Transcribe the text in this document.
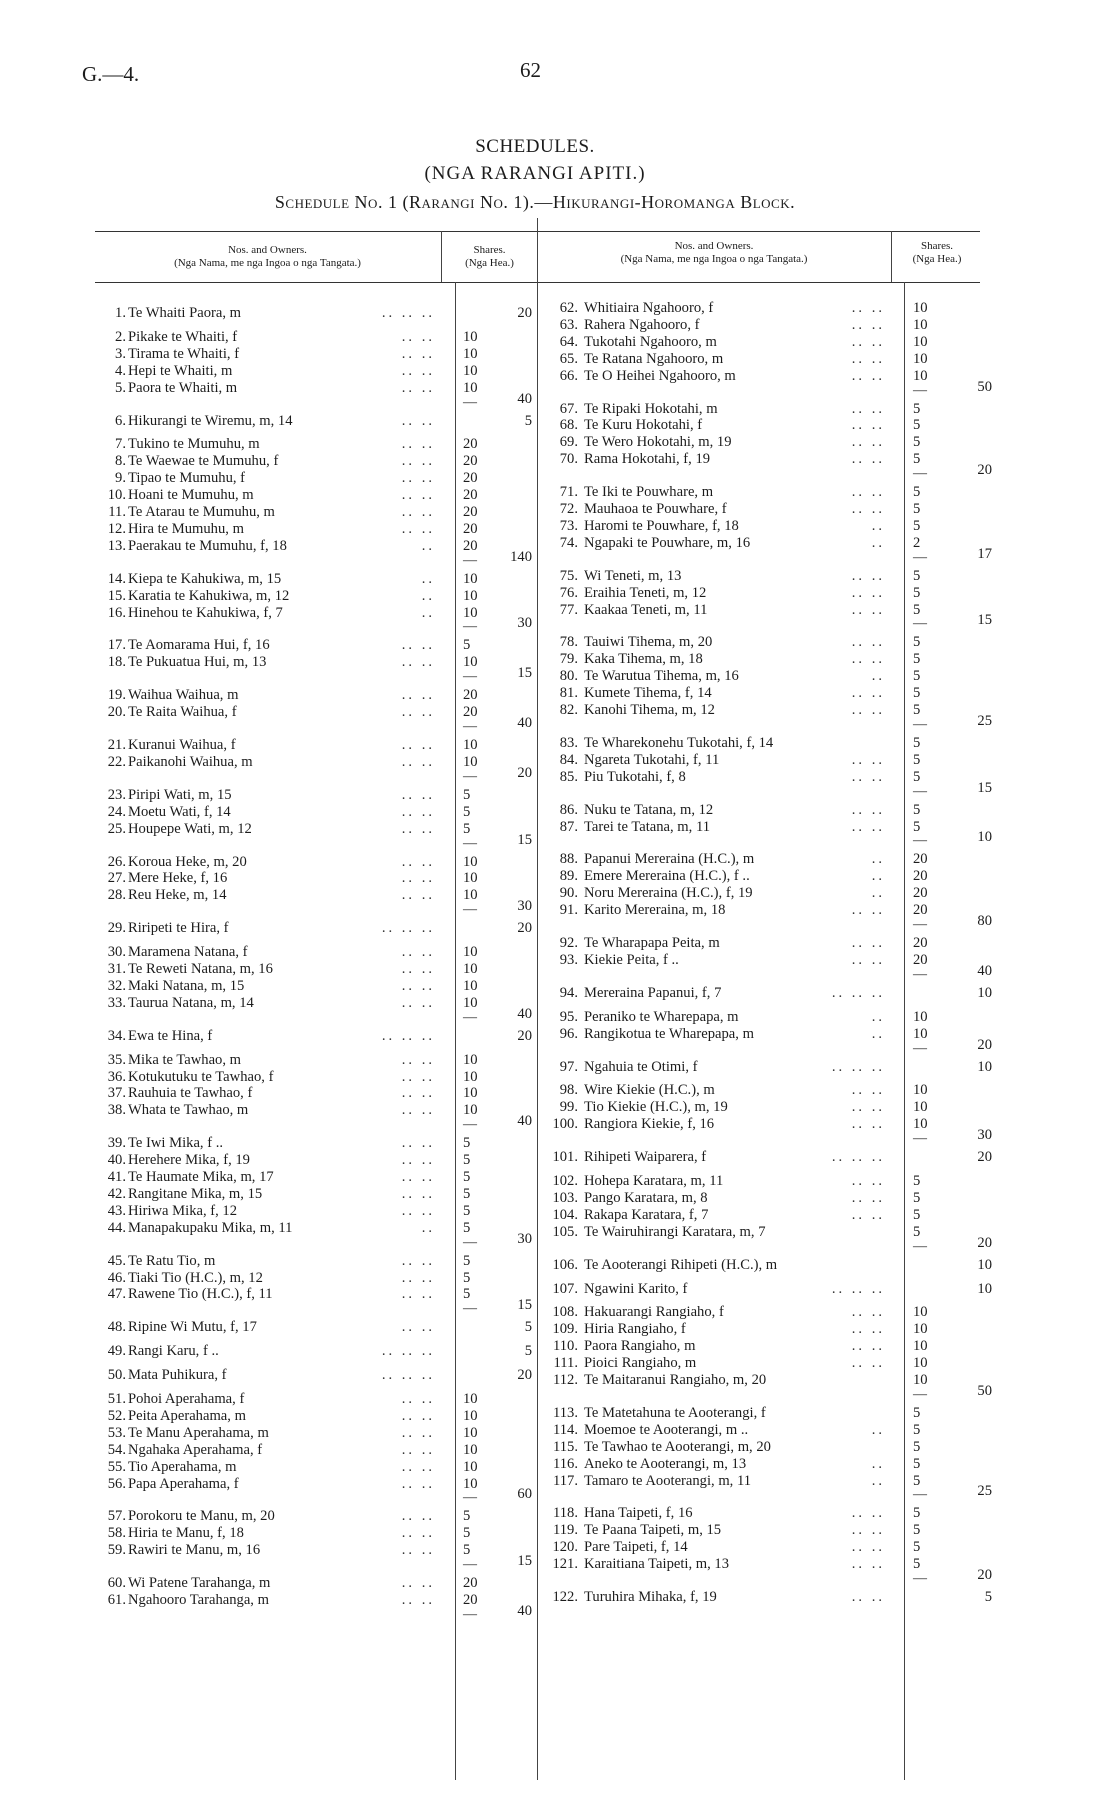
G.—4.	62
SCHEDULES.
(NGA RARANGI APITI.)
Schedule No. 1 (Rarangi No. 1).—Hikurangi-Horomanga Block.
Nos. and Owners.
(Nga Nama, me nga Ingoa o nga Tangata.)
Shares.
(Nga Hea.)
Nos. and Owners.
(Nga Nama, me nga Ingoa o nga Tangata.)
Shares.
(Nga Hea.)
1. Te Whaiti Paora, m	.. .. ..	20
2. Pikake te Whaiti, f	.. .. 10
3. Tirama te Whaiti, f	.. .. 10
4. Hepi te Whaiti, m	.. .. 10
5. Paora te Whaiti, m	.. .. 10
—	40
6. Hikurangi te Wiremu, m, 14	.. ..	5
7. Tukino te Mumuhu, m	.. .. 20
8. Te Waewae te Mumuhu, f	.. .. 20
9. Tipao te Mumuhu, f	.. .. 20
10. Hoani te Mumuhu, m	.. .. 20
11. Te Atarau te Mumuhu, m	.. .. 20
12. Hira te Mumuhu, m	.. .. 20
13. Paerakau te Mumuhu, f, 18	.. 20
—	140
14. Kiepa te Kahukiwa, m, 15	.. 10
15. Karatia te Kahukiwa, m, 12	.. 10
16. Hinehou te Kahukiwa, f, 7	.. 10
—	30
17. Te Aomarama Hui, f, 16	.. .. 5
18. Te Pukuatua Hui, m, 13	.. .. 10
—	15
19. Waihua Waihua, m	.. .. 20
20. Te Raita Waihua, f	.. .. 20
—	40
21. Kuranui Waihua, f	.. .. 10
22. Paikanohi Waihua, m	.. .. 10
—	20
23. Piripi Wati, m, 15	.. .. 5
24. Moetu Wati, f, 14	.. .. 5
25. Houpepe Wati, m, 12	.. .. 5
—	15
26. Koroua Heke, m, 20	.. .. 10
27. Mere Heke, f, 16	.. .. 10
28. Reu Heke, m, 14	.. .. 10
—	30
29. Riripeti te Hira, f	.. .. ..	20
30. Maramena Natana, f	.. .. 10
31. Te Reweti Natana, m, 16	.. .. 10
32. Maki Natana, m, 15	.. .. 10
33. Taurua Natana, m, 14	.. .. 10
—	40
34. Ewa te Hina, f	.. .. ..	20
35. Mika te Tawhao, m	.. .. 10
36. Kotukutuku te Tawhao, f	.. .. 10
37. Rauhuia te Tawhao, f	.. .. 10
38. Whata te Tawhao, m	.. .. 10
—	40
39. Te Iwi Mika, f ..	.. .. 5
40. Herehere Mika, f, 19	.. .. 5
41. Te Haumate Mika, m, 17	.. .. 5
42. Rangitane Mika, m, 15	.. .. 5
43. Hiriwa Mika, f, 12	.. .. 5
44. Manapakupaku Mika, m, 11	.. 5
—	30
45. Te Ratu Tio, m	.. .. 5
46. Tiaki Tio (H.C.), m, 12	.. .. 5
47. Rawene Tio (H.C.), f, 11	.. .. 5
—	15
48. Ripine Wi Mutu, f, 17	.. ..	5
49. Rangi Karu, f ..	.. .. ..	5
50. Mata Puhikura, f	.. .. ..	20
51. Pohoi Aperahama, f	.. .. 10
52. Peita Aperahama, m	.. .. 10
53. Te Manu Aperahama, m	.. .. 10
54. Ngahaka Aperahama, f	.. .. 10
55. Tio Aperahama, m	.. .. 10
56. Papa Aperahama, f	.. .. 10
—	60
57. Porokoru te Manu, m, 20	.. .. 5
58. Hiria te Manu, f, 18	.. .. 5
59. Rawiri te Manu, m, 16	.. .. 5
—	15
60. Wi Patene Tarahanga, m	.. .. 20
61. Ngahooro Tarahanga, m	.. .. 20
—	40
62. Whitiaira Ngahooro, f	.. .. 10
63. Rahera Ngahooro, f	.. .. 10
64. Tukotahi Ngahooro, m	.. .. 10
65. Te Ratana Ngahooro, m	.. .. 10
66. Te O Heihei Ngahooro, m	.. .. 10
—	50
67. Te Ripaki Hokotahi, m	.. .. 5
68. Te Kuru Hokotahi, f	.. .. 5
69. Te Wero Hokotahi, m, 19	.. .. 5
70. Rama Hokotahi, f, 19	.. .. 5
—	20
71. Te Iki te Pouwhare, m	.. .. 5
72. Mauhaoa te Pouwhare, f	.. .. 5
73. Haromi te Pouwhare, f, 18	.. 5
74. Ngapaki te Pouwhare, m, 16	.. 2
—	17
75. Wi Teneti, m, 13	.. .. 5
76. Eraihia Teneti, m, 12	.. .. 5
77. Kaakaa Teneti, m, 11	.. .. 5
—	15
78. Tauiwi Tihema, m, 20	.. .. 5
79. Kaka Tihema, m, 18	.. .. 5
80. Te Warutua Tihema, m, 16	.. 5
81. Kumete Tihema, f, 14	.. .. 5
82. Kanohi Tihema, m, 12	.. .. 5
—	25
83. Te Wharekonehu Tukotahi, f, 14	5
84. Ngareta Tukotahi, f, 11	.. .. 5
85. Piu Tukotahi, f, 8	.. .. 5
—	15
86. Nuku te Tatana, m, 12	.. .. 5
87. Tarei te Tatana, m, 11	.. .. 5
—	10
88. Papanui Mereraina (H.C.), m	.. 20
89. Emere Mereraina (H.C.), f ..	.. 20
90. Noru Mereraina (H.C.), f, 19	.. 20
91. Karito Mereraina, m, 18	.. .. 20
—	80
92. Te Wharapapa Peita, m	.. .. 20
93. Kiekie Peita, f ..	.. .. 20
—	40
94. Mereraina Papanui, f, 7	.. .. ..	10
95. Peraniko te Wharepapa, m	.. 10
96. Rangikotua te Wharepapa, m	.. 10
—	20
97. Ngahuia te Otimi, f	.. .. ..	10
98. Wire Kiekie (H.C.), m	.. .. 10
99. Tio Kiekie (H.C.), m, 19	.. .. 10
100. Rangiora Kiekie, f, 16	.. .. 10
—	30
101. Rihipeti Waiparera, f	.. .. ..	20
102. Hohepa Karatara, m, 11	.. .. 5
103. Pango Karatara, m, 8	.. .. 5
104. Rakapa Karatara, f, 7	.. .. 5
105. Te Wairuhirangi Karatara, m, 7	5
—	20
106. Te Aooterangi Rihipeti (H.C.), m	10
107. Ngawini Karito, f	.. .. ..	10
108. Hakuarangi Rangiaho, f	.. .. 10
109. Hiria Rangiaho, f	.. .. 10
110. Paora Rangiaho, m	.. .. 10
111. Pioici Rangiaho, m	.. .. 10
112. Te Maitaranui Rangiaho, m, 20	10
—	50
113. Te Matetahuna te Aooterangi, f	5
114. Moemoe te Aooterangi, m ..	.. 5
115. Te Tawhao te Aooterangi, m, 20	5
116. Aneko te Aooterangi, m, 13	.. 5
117. Tamaro te Aooterangi, m, 11	.. 5
—	25
118. Hana Taipeti, f, 16	.. .. 5
119. Te Paana Taipeti, m, 15	.. .. 5
120. Pare Taipeti, f, 14	.. .. 5
121. Karaitiana Taipeti, m, 13	.. .. 5
—	20
122. Turuhira Mihaka, f, 19	.. ..	5
